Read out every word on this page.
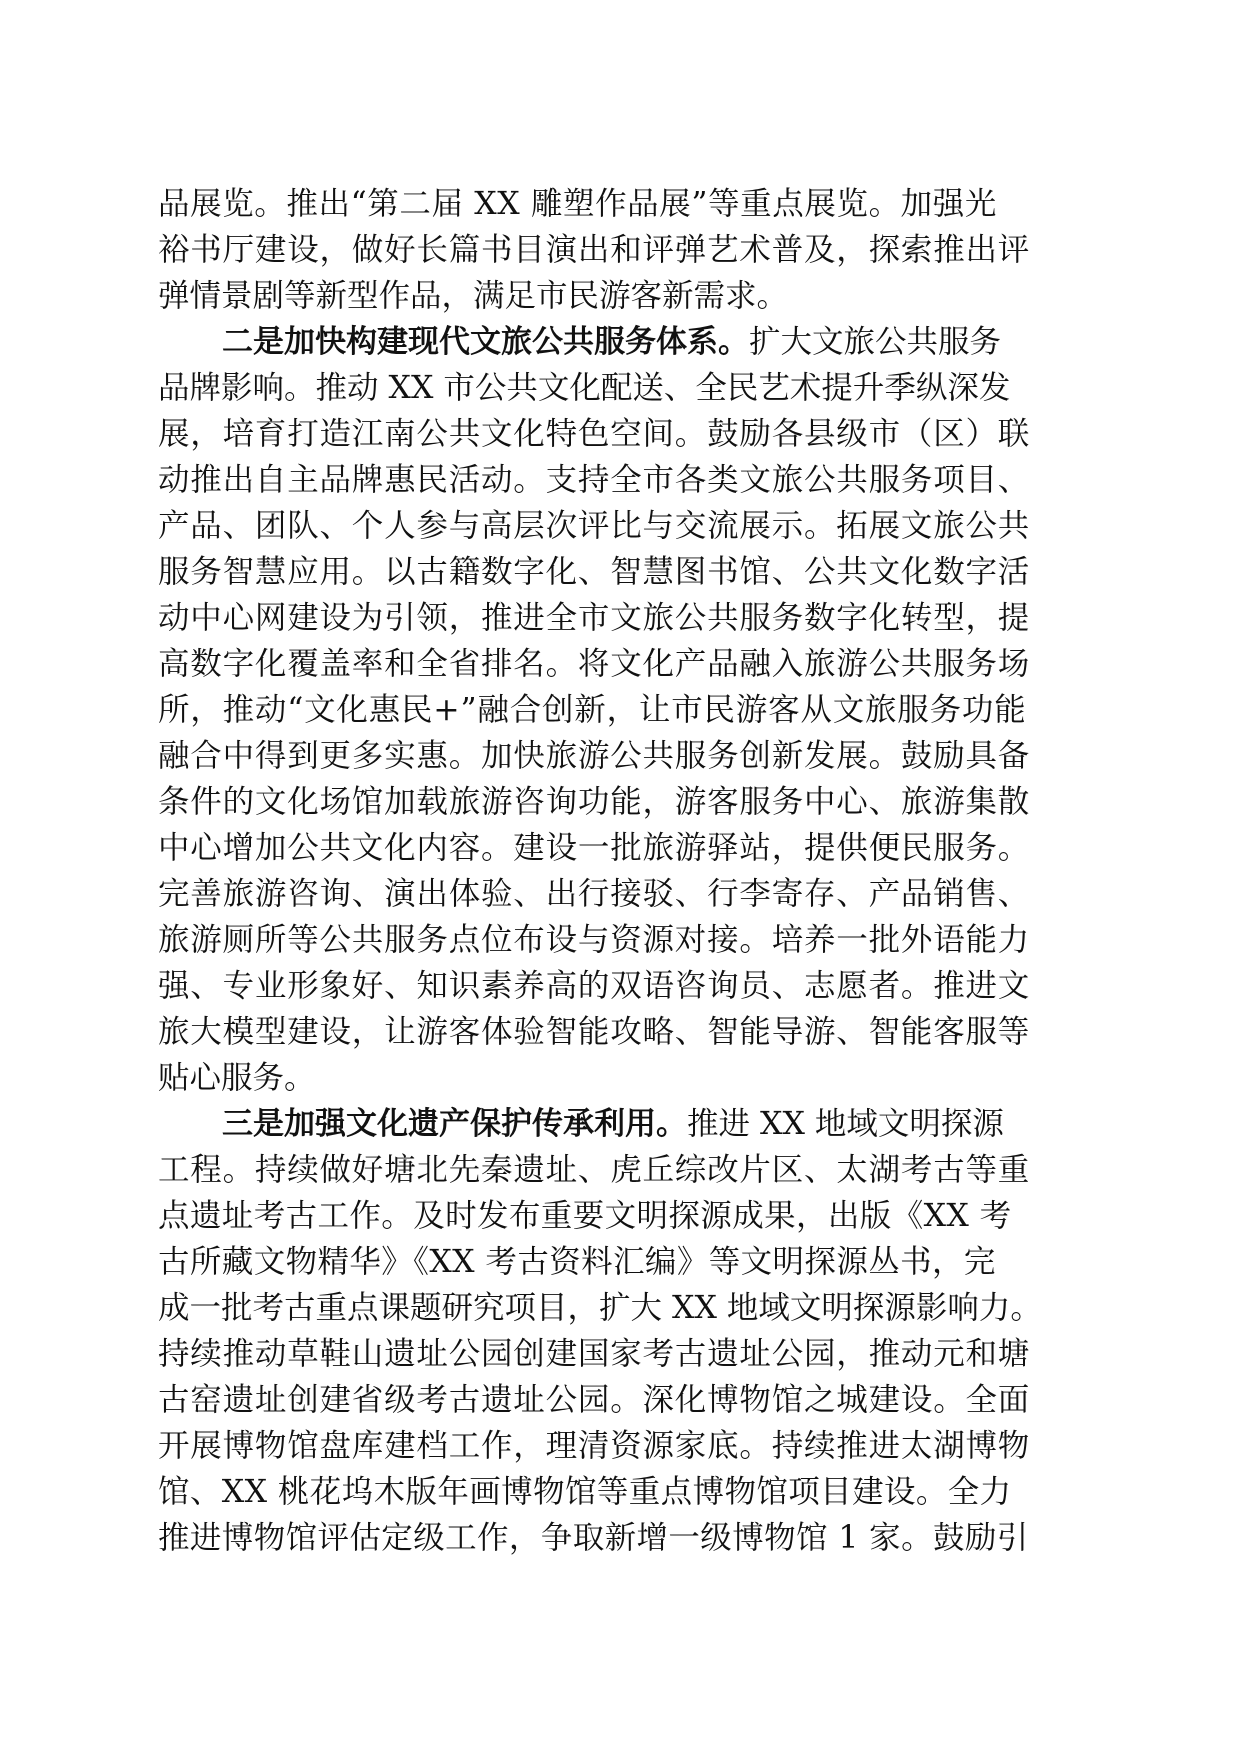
品展览。推出“第二届 XX 雕塑作品展”等重点展览。加强光

裕书厅建设，做好长篇书目演出和评弹艺术普及，探索推出评

弹情景剧等新型作品，满足市民游客新需求。

二是加快构建现代文旅公共服务体系。扩大文旅公共服务

品牌影响。推动 XX 市公共文化配送、全民艺术提升季纵深发

展，培育打造江南公共文化特色空间。鼓励各县级市（区）联

动推出自主品牌惠民活动。支持全市各类文旅公共服务项目、

产品、团队、个人参与高层次评比与交流展示。拓展文旅公共

服务智慧应用。以古籍数字化、智慧图书馆、公共文化数字活

动中心网建设为引领，推进全市文旅公共服务数字化转型，提

高数字化覆盖率和全省排名。将文化产品融入旅游公共服务场

所，推动“文化惠民+”融合创新，让市民游客从文旅服务功能

融合中得到更多实惠。加快旅游公共服务创新发展。鼓励具备

条件的文化场馆加载旅游咨询功能，游客服务中心、旅游集散

中心增加公共文化内容。建设一批旅游驿站，提供便民服务。

完善旅游咨询、演出体验、出行接驳、行李寄存、产品销售、

旅游厕所等公共服务点位布设与资源对接。培养一批外语能力

强、专业形象好、知识素养高的双语咨询员、志愿者。推进文

旅大模型建设，让游客体验智能攻略、智能导游、智能客服等

贴心服务。

三是加强文化遗产保护传承利用。推进 XX 地域文明探源

工程。持续做好塘北先秦遗址、虎丘综改片区、太湖考古等重

点遗址考古工作。及时发布重要文明探源成果，出版《XX 考

古所藏文物精华》《XX 考古资料汇编》等文明探源丛书，完

成一批考古重点课题研究项目，扩大 XX 地域文明探源影响力。

持续推动草鞋山遗址公园创建国家考古遗址公园，推动元和塘

古窑遗址创建省级考古遗址公园。深化博物馆之城建设。全面

开展博物馆盘库建档工作，理清资源家底。持续推进太湖博物

馆、XX 桃花坞木版年画博物馆等重点博物馆项目建设。全力

推进博物馆评估定级工作，争取新增一级博物馆 1 家。鼓励引
